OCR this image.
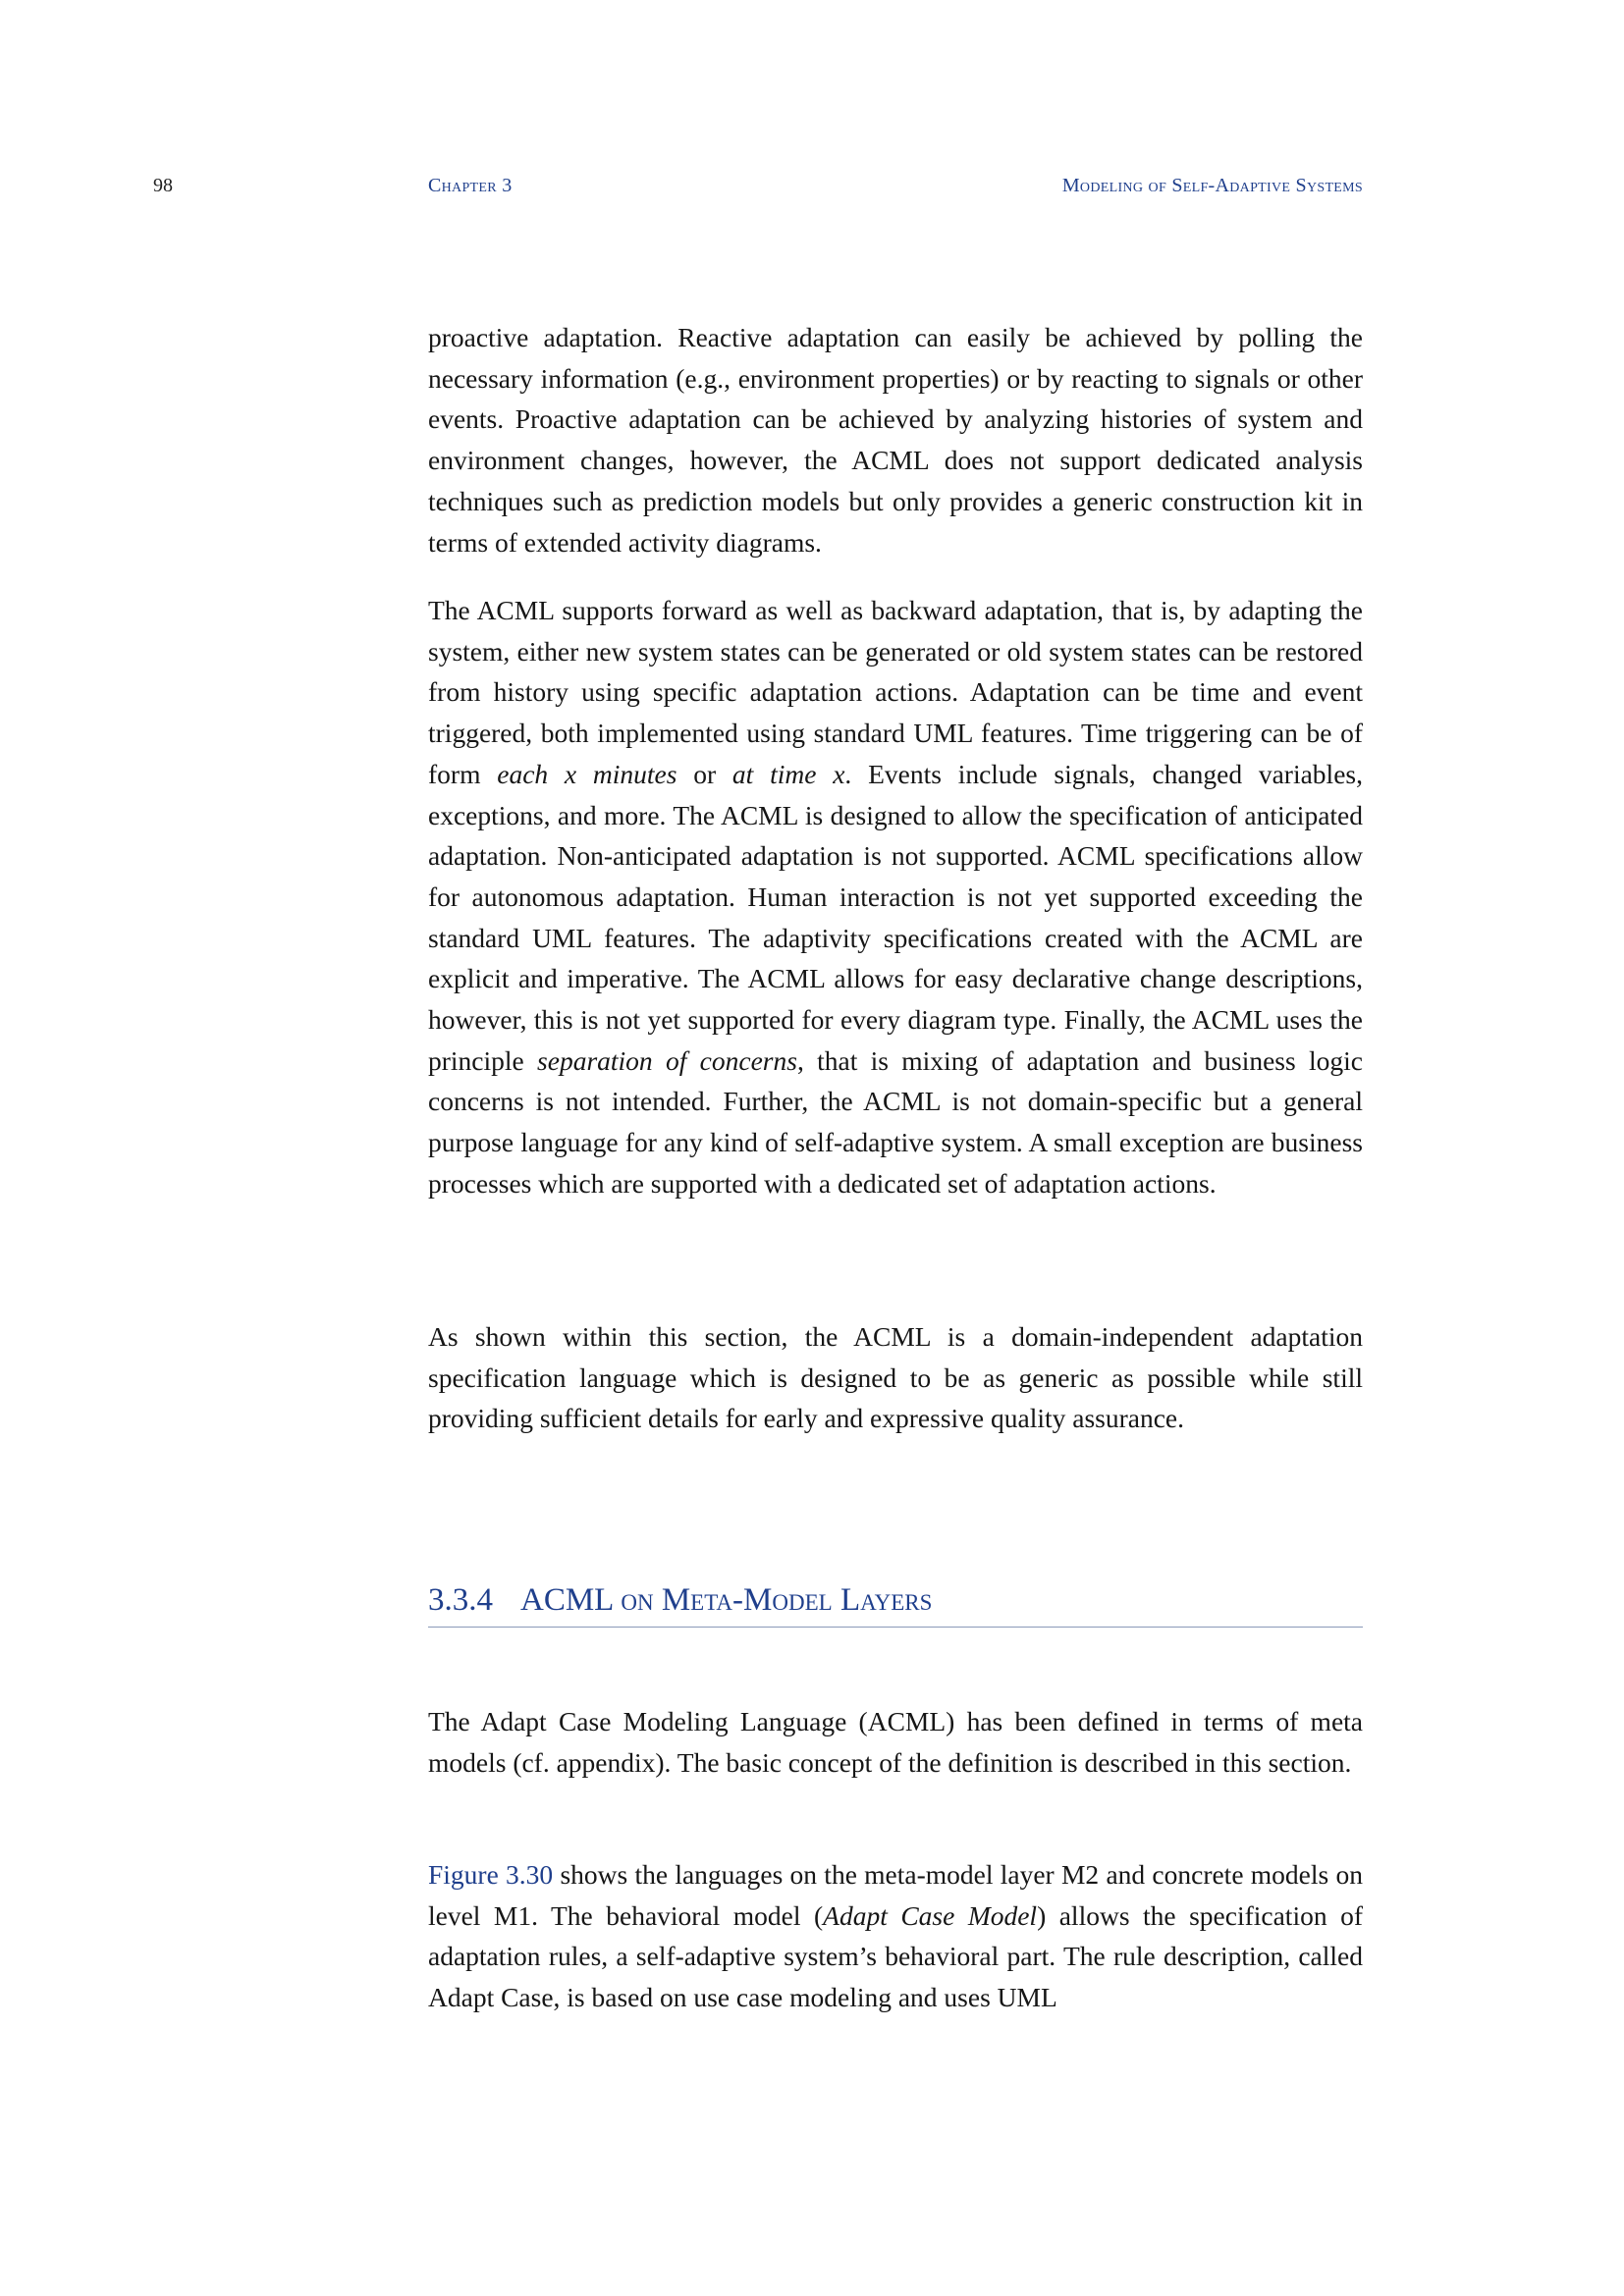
98	Chapter 3	Modeling of Self-Adaptive Systems

proactive adaptation. Reactive adaptation can easily be achieved by polling the necessary information (e.g., environment properties) or by reacting to signals or other events. Proactive adaptation can be achieved by analyzing histories of system and environment changes, however, the ACML does not support dedicated analysis techniques such as prediction models but only provides a generic construction kit in terms of extended activity diagrams.

The ACML supports forward as well as backward adaptation, that is, by adapting the system, either new system states can be generated or old system states can be restored from history using specific adaptation actions. Adaptation can be time and event triggered, both implemented using standard UML features. Time triggering can be of form each x minutes or at time x. Events include signals, changed variables, exceptions, and more. The ACML is designed to allow the specification of anticipated adaptation. Non-anticipated adaptation is not supported. ACML specifications allow for autonomous adaptation. Human interaction is not yet supported exceeding the standard UML features. The adaptivity specifications created with the ACML are explicit and imperative. The ACML allows for easy declarative change descriptions, however, this is not yet supported for every diagram type. Finally, the ACML uses the principle separation of concerns, that is mixing of adaptation and business logic concerns is not intended. Further, the ACML is not domain-specific but a general purpose language for any kind of self-adaptive system. A small exception are business processes which are supported with a dedicated set of adaptation actions.

As shown within this section, the ACML is a domain-independent adaptation specification language which is designed to be as generic as possible while still providing sufficient details for early and expressive quality assurance.

3.3.4 ACML on Meta-Model Layers

The Adapt Case Modeling Language (ACML) has been defined in terms of meta models (cf. appendix). The basic concept of the definition is described in this section.

Figure 3.30 shows the languages on the meta-model layer M2 and concrete models on level M1. The behavioral model (Adapt Case Model) allows the specification of adaptation rules, a self-adaptive system’s behavioral part. The rule description, called Adapt Case, is based on use case modeling and uses UML
